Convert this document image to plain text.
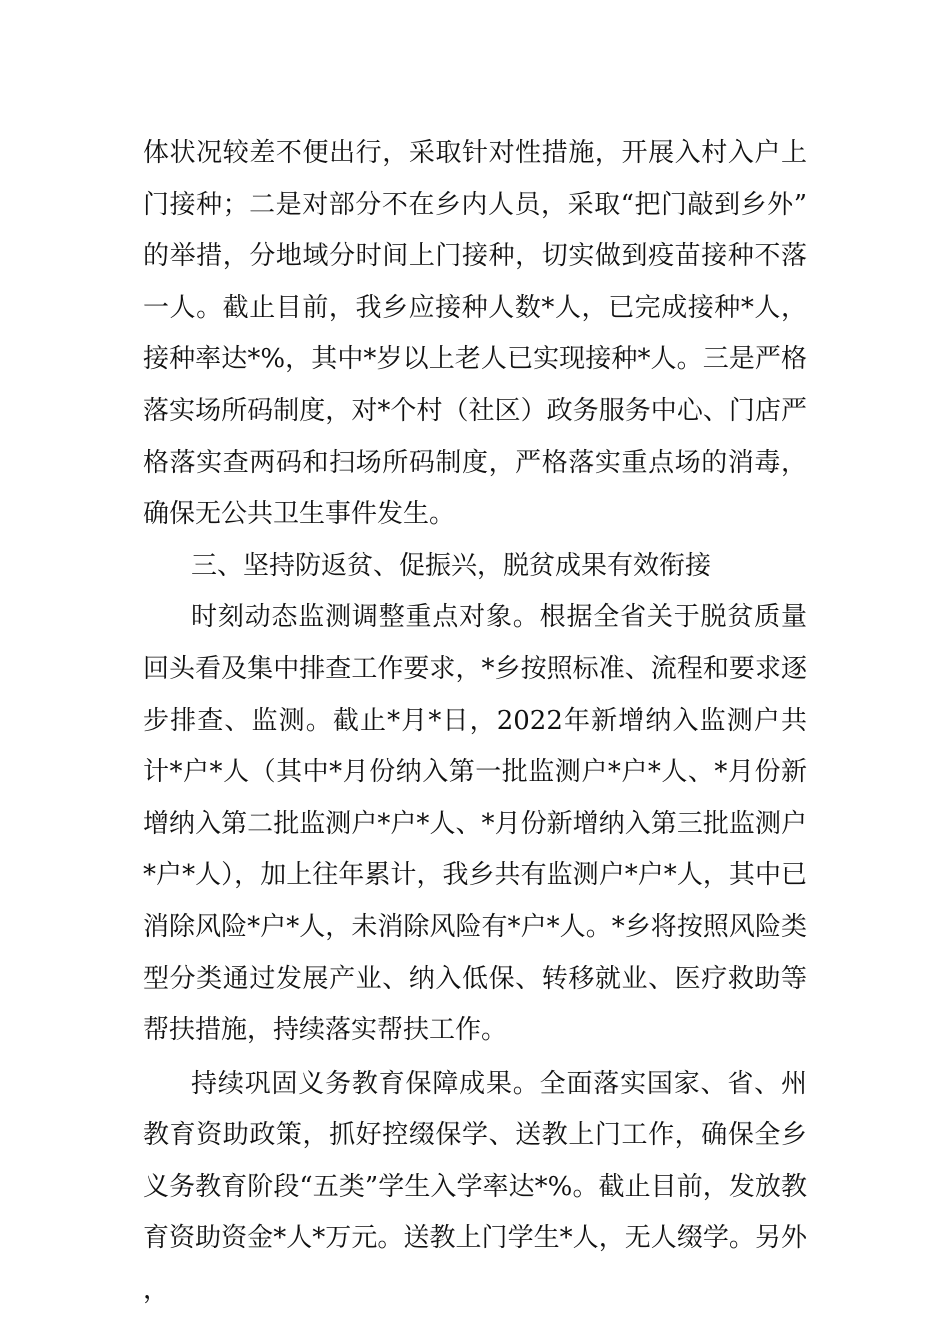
体状况较差不便出行，采取针对性措施，开展入村入户上门接种；二是对部分不在乡内人员，采取“把门敲到乡外”的举措，分地域分时间上门接种，切实做到疫苗接种不落一人。截止目前，我乡应接种人数*人，已完成接种*人，接种率达*%，其中*岁以上老人已实现接种*人。三是严格落实场所码制度，对*个村（社区）政务服务中心、门店严格落实查两码和扫场所码制度，严格落实重点场的消毒，确保无公共卫生事件发生。

三、坚持防返贫、促振兴，脱贫成果有效衔接

时刻动态监测调整重点对象。根据全省关于脱贫质量回头看及集中排查工作要求，*乡按照标准、流程和要求逐步排查、监测。截止*月*日，2022年新增纳入监测户共计*户*人（其中*月份纳入第一批监测户*户*人、*月份新增纳入第二批监测户*户*人、*月份新增纳入第三批监测户*户*人），加上往年累计，我乡共有监测户*户*人，其中已消除风险*户*人，未消除风险有*户*人。*乡将按照风险类型分类通过发展产业、纳入低保、转移就业、医疗救助等帮扶措施，持续落实帮扶工作。

持续巩固义务教育保障成果。全面落实国家、省、州教育资助政策，抓好控缀保学、送教上门工作，确保全乡义务教育阶段“五类”学生入学率达*%。截止目前，发放教育资助资金*人*万元。送教上门学生*人，无人缀学。另外，
